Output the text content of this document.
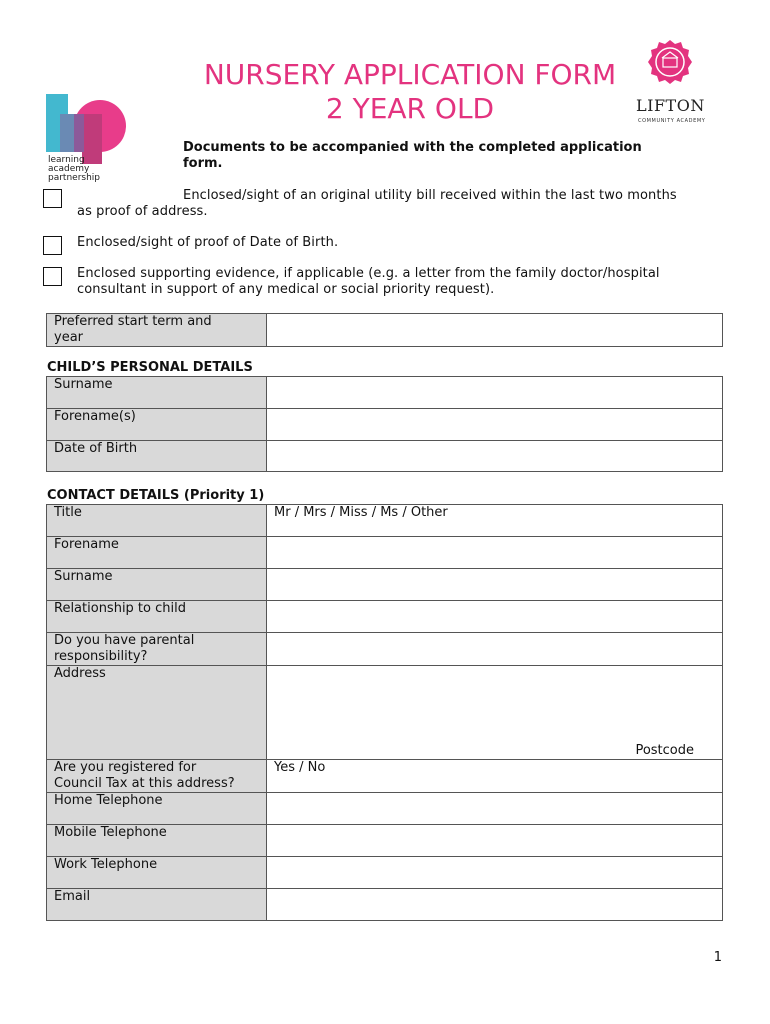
NURSERY APPLICATION FORM
2 YEAR OLD
learning
academy
partnership
LIFTON
COMMUNITY ACADEMY
Documents to be accompanied with the completed application
form.
Enclosed/sight of an original utility bill received within the last two months
as proof of address.
Enclosed/sight of proof of Date of Birth.
Enclosed supporting evidence, if applicable (e.g. a letter from the family doctor/hospital
consultant in support of any medical or social priority request).
Preferred start term and
year

CHILD’S PERSONAL DETAILS
Surname	
Forename(s)	
Date of Birth	
CONTACT DETAILS (Priority 1)
Title	Mr / Mrs / Miss / Ms / Other
Forename	
Surname	
Relationship to child	

Do you have parental
responsibility?	

Address	Postcode

Are you registered for
Council Tax at this address?	Yes / No
Home Telephone	
Mobile Telephone	
Work Telephone	
Email	
1
